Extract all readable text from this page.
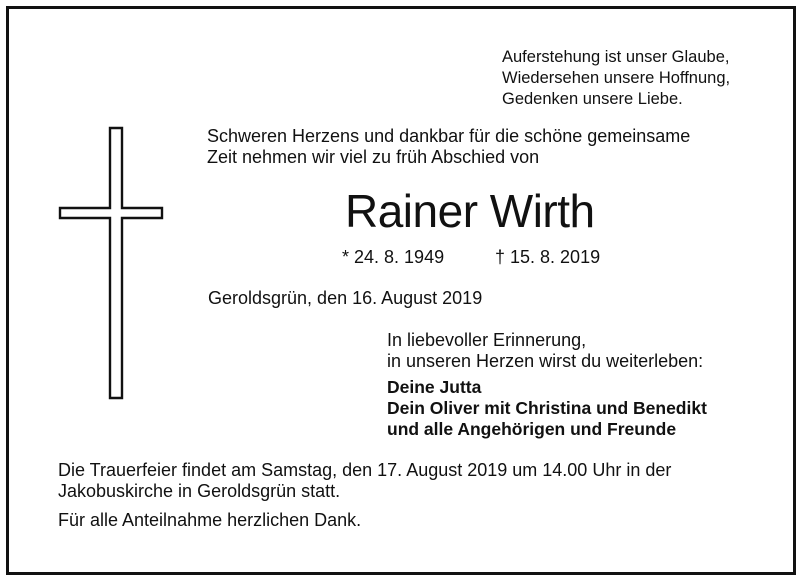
Auferstehung ist unser Glaube,
Wiedersehen unsere Hoffnung,
Gedenken unsere Liebe.
Schweren Herzens und dankbar für die schöne gemeinsame
Zeit nehmen wir viel zu früh Abschied von
Rainer Wirth
* 24. 8. 1949	† 15. 8. 2019
Geroldsgrün, den 16. August 2019
In liebevoller Erinnerung,
in unseren Herzen wirst du weiterleben:
Deine Jutta
Dein Oliver mit Christina und Benedikt
und alle Angehörigen und Freunde
Die Trauerfeier findet am Samstag, den 17. August 2019 um 14.00 Uhr in der
Jakobuskirche in Geroldsgrün statt.
Für alle Anteilnahme herzlichen Dank.
